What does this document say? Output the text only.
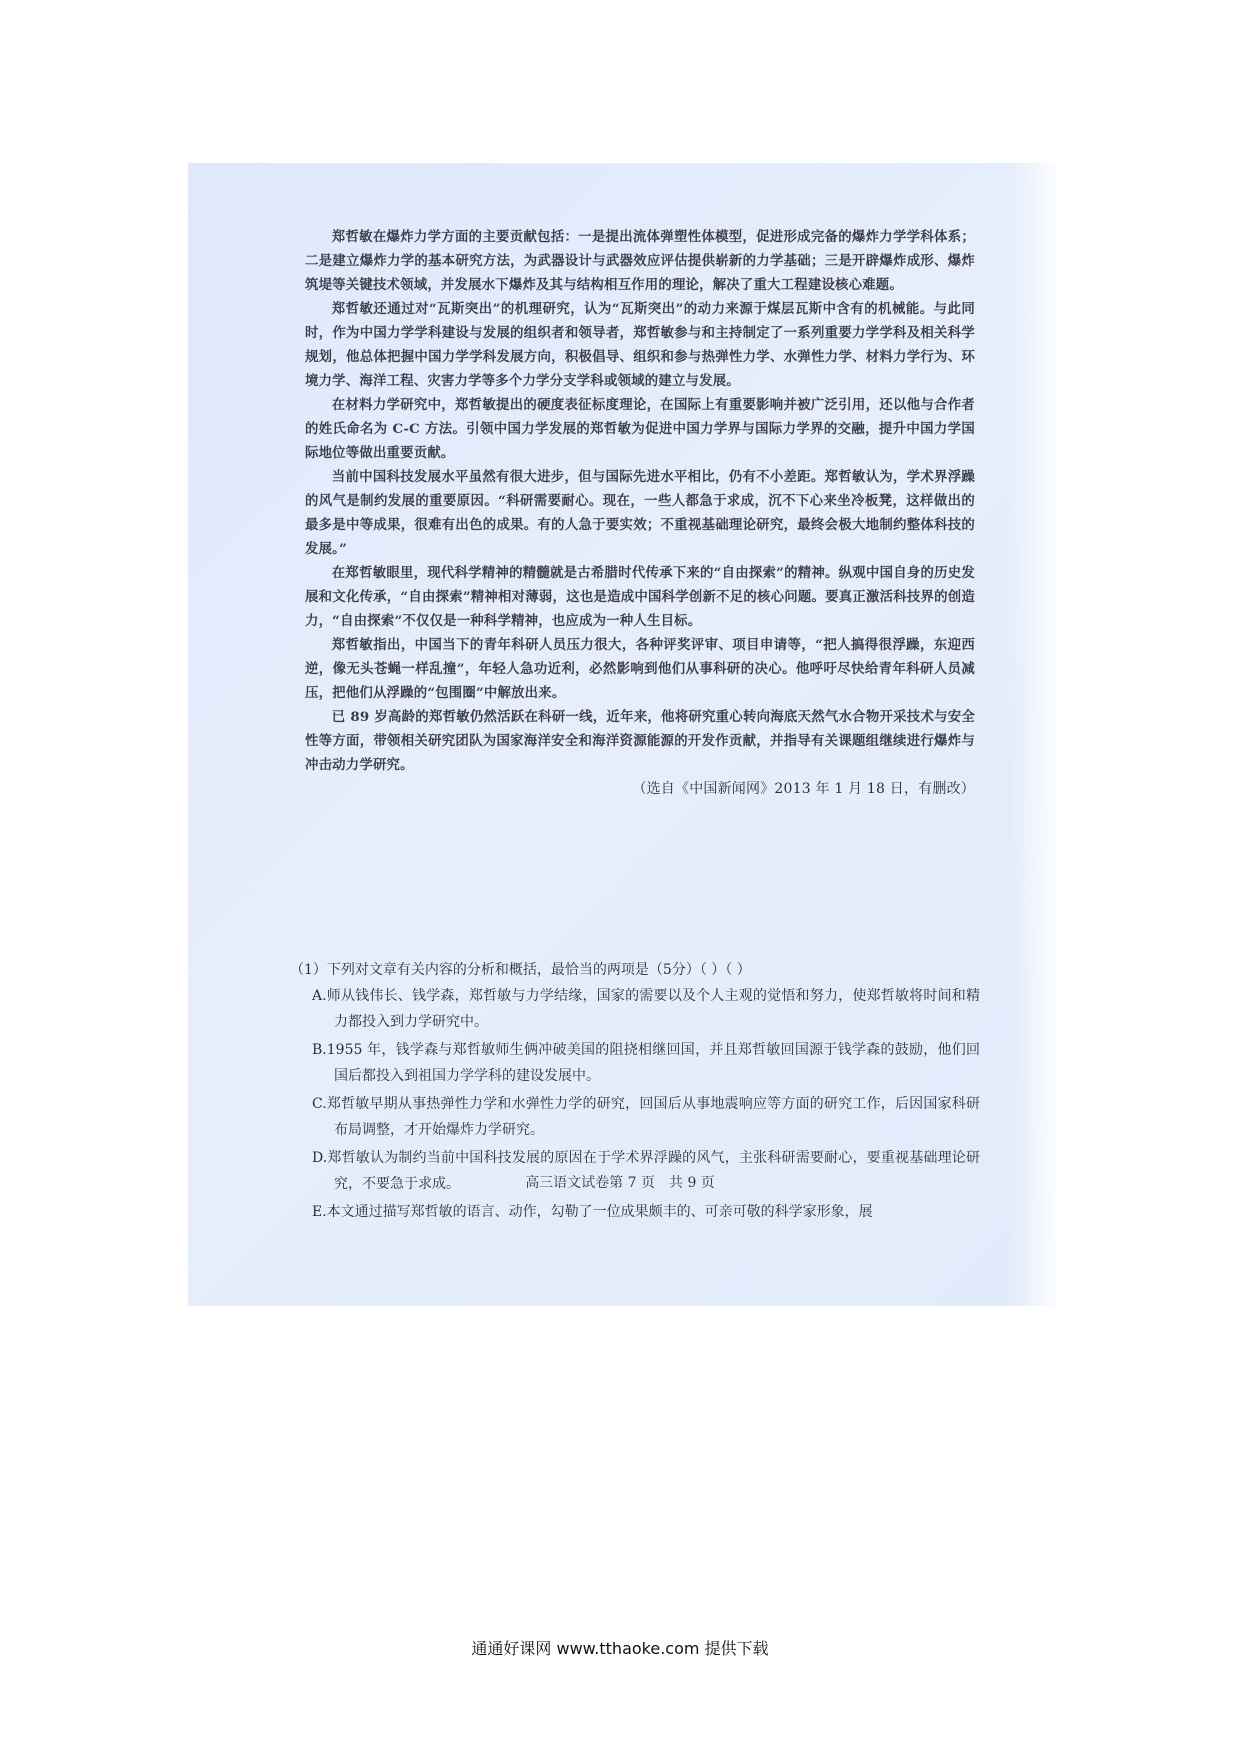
郑哲敏在爆炸力学方面的主要贡献包括：一是提出流体弹塑性体模型，促进形成完备的爆炸力学学科体系；二是建立爆炸力学的基本研究方法，为武器设计与武器效应评估提供崭新的力学基础；三是开辟爆炸成形、爆炸筑堤等关键技术领域，并发展水下爆炸及其与结构相互作用的理论，解决了重大工程建设核心难题。

郑哲敏还通过对“瓦斯突出”的机理研究，认为“瓦斯突出”的动力来源于煤层瓦斯中含有的机械能。与此同时，作为中国力学学科建设与发展的组织者和领导者，郑哲敏参与和主持制定了一系列重要力学学科及相关科学规划，他总体把握中国力学学科发展方向，积极倡导、组织和参与热弹性力学、水弹性力学、材料力学行为、环境力学、海洋工程、灾害力学等多个力学分支学科或领域的建立与发展。

在材料力学研究中，郑哲敏提出的硬度表征标度理论，在国际上有重要影响并被广泛引用，还以他与合作者的姓氏命名为 C-C 方法。引领中国力学发展的郑哲敏为促进中国力学界与国际力学界的交融，提升中国力学国际地位等做出重要贡献。

当前中国科技发展水平虽然有很大进步，但与国际先进水平相比，仍有不小差距。郑哲敏认为，学术界浮躁的风气是制约发展的重要原因。“科研需要耐心。现在，一些人都急于求成，沉不下心来坐冷板凳，这样做出的最多是中等成果，很难有出色的成果。有的人急于要实效；不重视基础理论研究，最终会极大地制约整体科技的发展。”

在郑哲敏眼里，现代科学精神的精髓就是古希腊时代传承下来的“自由探索”的精神。纵观中国自身的历史发展和文化传承，“自由探索”精神相对薄弱，这也是造成中国科学创新不足的核心问题。要真正激活科技界的创造力，“自由探索”不仅仅是一种科学精神，也应成为一种人生目标。

郑哲敏指出，中国当下的青年科研人员压力很大，各种评奖评审、项目申请等，“把人搞得很浮躁，东迎西逆，像无头苍蝇一样乱撞”，年轻人急功近利，必然影响到他们从事科研的决心。他呼吁尽快给青年科研人员减压，把他们从浮躁的“包围圈”中解放出来。

已 89 岁高龄的郑哲敏仍然活跃在科研一线，近年来，他将研究重心转向海底天然气水合物开采技术与安全性等方面，带领相关研究团队为国家海洋安全和海洋资源能源的开发作贡献，并指导有关课题组继续进行爆炸与冲击动力学研究。

（选自《中国新闻网》2013 年 1 月 18 日，有删改）

（1）下列对文章有关内容的分析和概括，最恰当的两项是（5分）（ ）（ ）

A.师从钱伟长、钱学森，郑哲敏与力学结缘，国家的需要以及个人主观的觉悟和努力，使郑哲敏将时间和精力都投入到力学研究中。

B.1955 年，钱学森与郑哲敏师生俩冲破美国的阻挠相继回国，并且郑哲敏回国源于钱学森的鼓励，他们回国后都投入到祖国力学学科的建设发展中。

C.郑哲敏早期从事热弹性力学和水弹性力学的研究，回国后从事地震响应等方面的研究工作，后因国家科研布局调整，才开始爆炸力学研究。

D.郑哲敏认为制约当前中国科技发展的原因在于学术界浮躁的风气，主张科研需要耐心，要重视基础理论研究，不要急于求成。

E.本文通过描写郑哲敏的语言、动作，勾勒了一位成果颇丰的、可亲可敬的科学家形象，展

高三语文试卷第 7 页　共 9 页
通通好课网 www.tthaoke.com 提供下载
